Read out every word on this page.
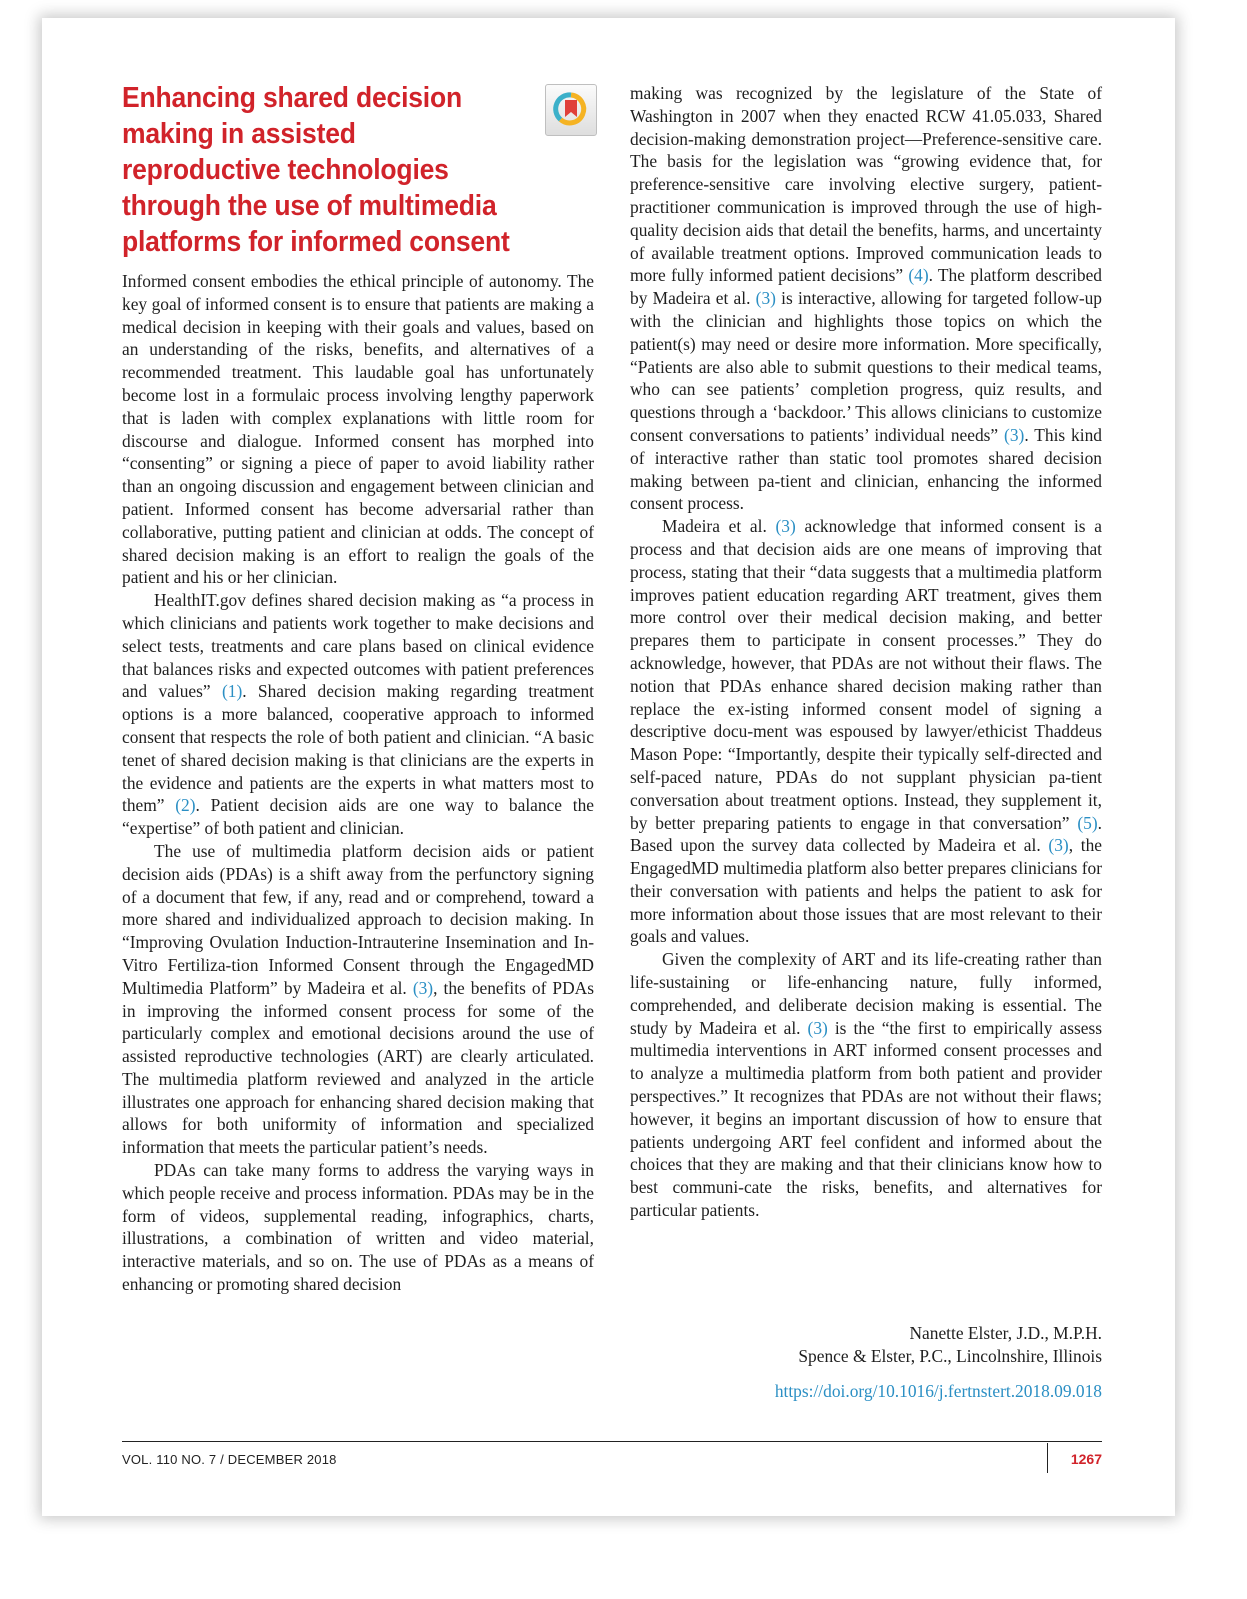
Enhancing shared decision making in assisted reproductive technologies through the use of multimedia platforms for informed consent

Informed consent embodies the ethical principle of autonomy. The key goal of informed consent is to ensure that patients are making a medical decision in keeping with their goals and values, based on an understanding of the risks, benefits, and alternatives of a recommended treatment. This laudable goal has unfortunately become lost in a formulaic process involving lengthy paperwork that is laden with complex explanations with little room for discourse and dialogue. Informed consent has morphed into “consenting” or signing a piece of paper to avoid liability rather than an ongoing discussion and engagement between clinician and patient. Informed consent has become adversarial rather than collaborative, putting patient and clinician at odds. The concept of shared decision making is an effort to realign the goals of the patient and his or her clinician.

HealthIT.gov defines shared decision making as “a process in which clinicians and patients work together to make decisions and select tests, treatments and care plans based on clinical evidence that balances risks and expected outcomes with patient preferences and values” (1). Shared decision making regarding treatment options is a more balanced, cooperative approach to informed consent that respects the role of both patient and clinician. “A basic tenet of shared decision making is that clinicians are the experts in the evidence and patients are the experts in what matters most to them” (2). Patient decision aids are one way to balance the “expertise” of both patient and clinician.

The use of multimedia platform decision aids or patient decision aids (PDAs) is a shift away from the perfunctory signing of a document that few, if any, read and or comprehend, toward a more shared and individualized approach to decision making. In “Improving Ovulation Induction-Intrauterine Insemination and In-Vitro Fertiliza-tion Informed Consent through the EngagedMD Multimedia Platform” by Madeira et al. (3), the benefits of PDAs in improving the informed consent process for some of the particularly complex and emotional decisions around the use of assisted reproductive technologies (ART) are clearly articulated. The multimedia platform reviewed and analyzed in the article illustrates one approach for enhancing shared decision making that allows for both uniformity of information and specialized information that meets the particular patient’s needs.

PDAs can take many forms to address the varying ways in which people receive and process information. PDAs may be in the form of videos, supplemental reading, infographics, charts, illustrations, a combination of written and video material, interactive materials, and so on. The use of PDAs as a means of enhancing or promoting shared decision

making was recognized by the legislature of the State of Washington in 2007 when they enacted RCW 41.05.033, Shared decision-making demonstration project—Preference-sensitive care. The basis for the legislation was “growing evidence that, for preference-sensitive care involving elective surgery, patient-practitioner communication is improved through the use of high-quality decision aids that detail the benefits, harms, and uncertainty of available treatment options. Improved communication leads to more fully informed patient decisions” (4). The platform described by Madeira et al. (3) is interactive, allowing for targeted follow-up with the clinician and highlights those topics on which the patient(s) may need or desire more information. More specifically, “Patients are also able to submit questions to their medical teams, who can see patients’ completion progress, quiz results, and questions through a ‘backdoor.’ This allows clinicians to customize consent conversations to patients’ individual needs” (3). This kind of interactive rather than static tool promotes shared decision making between pa-tient and clinician, enhancing the informed consent process.

Madeira et al. (3) acknowledge that informed consent is a process and that decision aids are one means of improving that process, stating that their “data suggests that a multimedia platform improves patient education regarding ART treatment, gives them more control over their medical decision making, and better prepares them to participate in consent processes.” They do acknowledge, however, that PDAs are not without their flaws. The notion that PDAs enhance shared decision making rather than replace the ex-isting informed consent model of signing a descriptive docu-ment was espoused by lawyer/ethicist Thaddeus Mason Pope: “Importantly, despite their typically self-directed and self-paced nature, PDAs do not supplant physician pa-tient conversation about treatment options. Instead, they supplement it, by better preparing patients to engage in that conversation” (5). Based upon the survey data collected by Madeira et al. (3), the EngagedMD multimedia platform also better prepares clinicians for their conversation with patients and helps the patient to ask for more information about those issues that are most relevant to their goals and values.

Given the complexity of ART and its life-creating rather than life-sustaining or life-enhancing nature, fully informed, comprehended, and deliberate decision making is essential. The study by Madeira et al. (3) is the “the first to empirically assess multimedia interventions in ART informed consent processes and to analyze a multimedia platform from both patient and provider perspectives.” It recognizes that PDAs are not without their flaws; however, it begins an important discussion of how to ensure that patients undergoing ART feel confident and informed about the choices that they are making and that their clinicians know how to best communi-cate the risks, benefits, and alternatives for particular patients.

Nanette Elster, J.D., M.P.H.
Spence & Elster, P.C., Lincolnshire, Illinois
https://doi.org/10.1016/j.fertnstert.2018.09.018
VOL. 110 NO. 7 / DECEMBER 2018	1267
